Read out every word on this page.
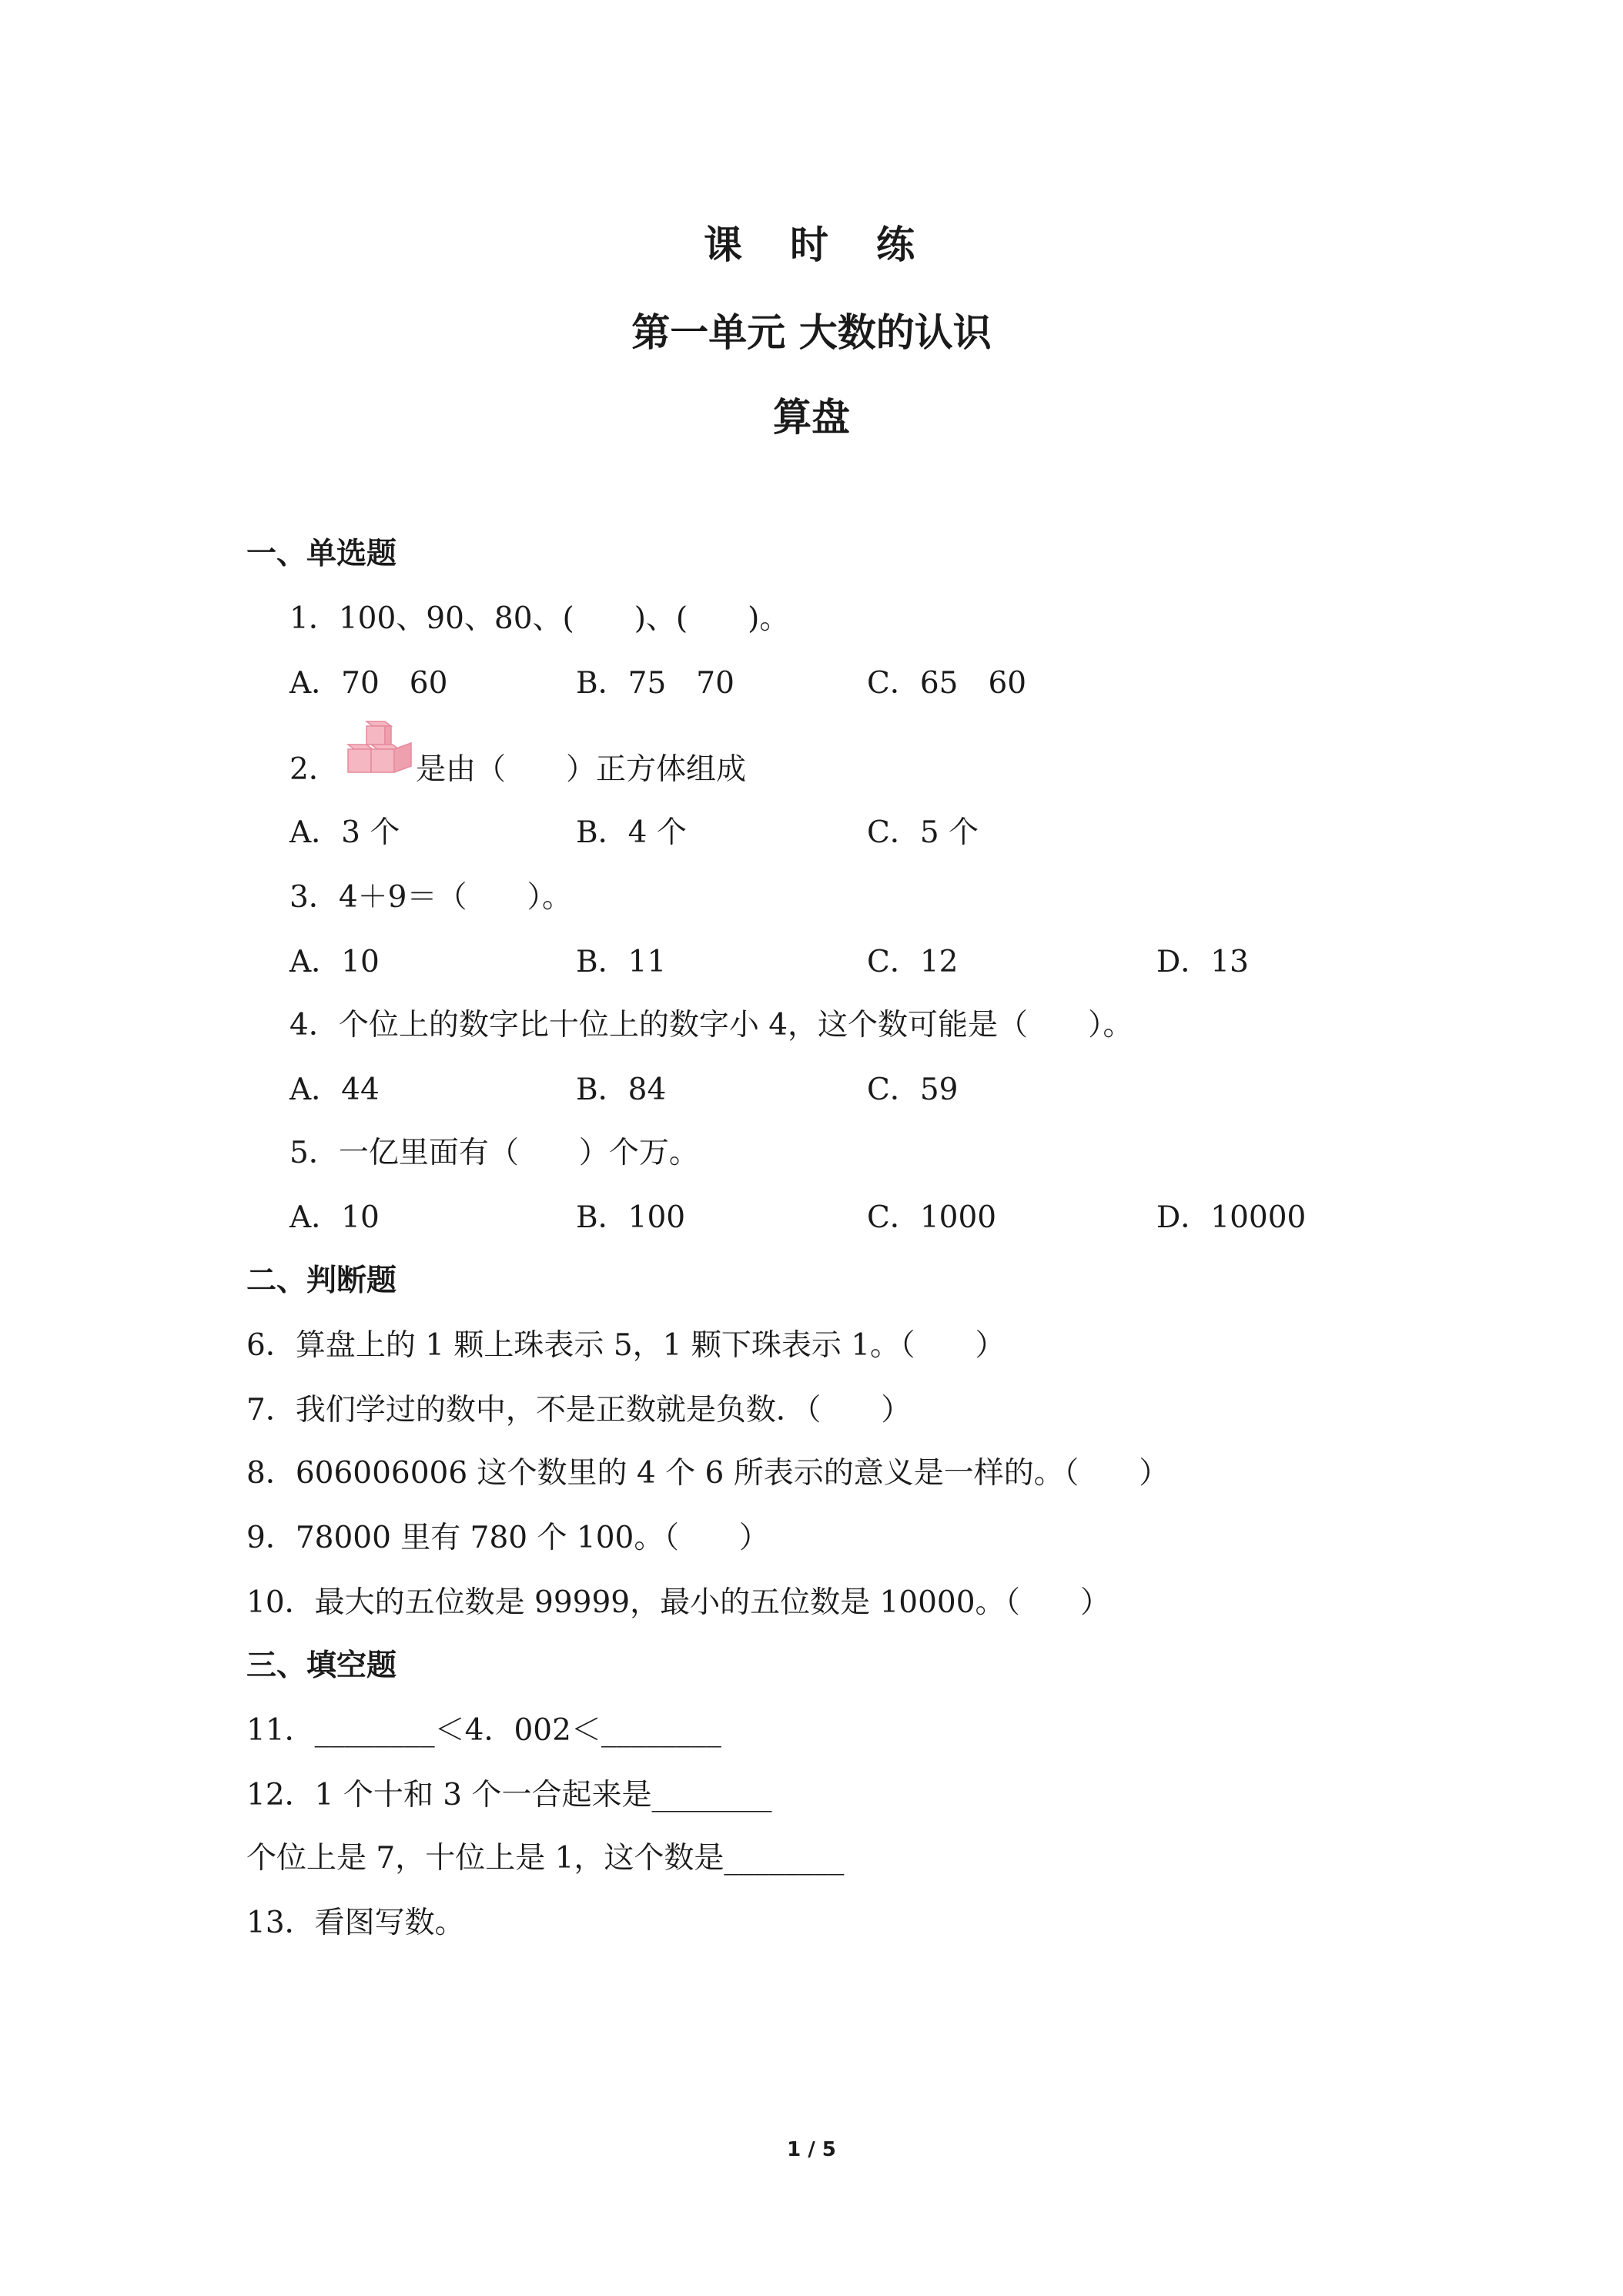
课　时　练
第一单元 大数的认识
算盘
一、单选题
1．100、90、80、(　　)、(　　)。
A．70　60	B．75　70	C．65　60
2．	是由（　　）正方体组成
A．3 个	B．4 个	C．5 个
3．4＋9＝（　　）。
A．10	B．11	C．12	D．13
4．个位上的数字比十位上的数字小 4，这个数可能是（　　）。
A．44	B．84	C．59
5．一亿里面有（　　）个万。
A．10	B．100	C．1000	D．10000
二、判断题
6．算盘上的 1 颗上珠表示 5，1 颗下珠表示 1。（　　）
7．我们学过的数中，不是正数就是负数．（　　）
8．606006006 这个数里的 4 个 6 所表示的意义是一样的。（　　）
9．78000 里有 780 个 100。（　　）
10．最大的五位数是 99999，最小的五位数是 10000。（　　）
三、填空题
11．________＜4．002＜________
12．1 个十和 3 个一合起来是________
个位上是 7，十位上是 1，这个数是________
13．看图写数。
1 / 5
